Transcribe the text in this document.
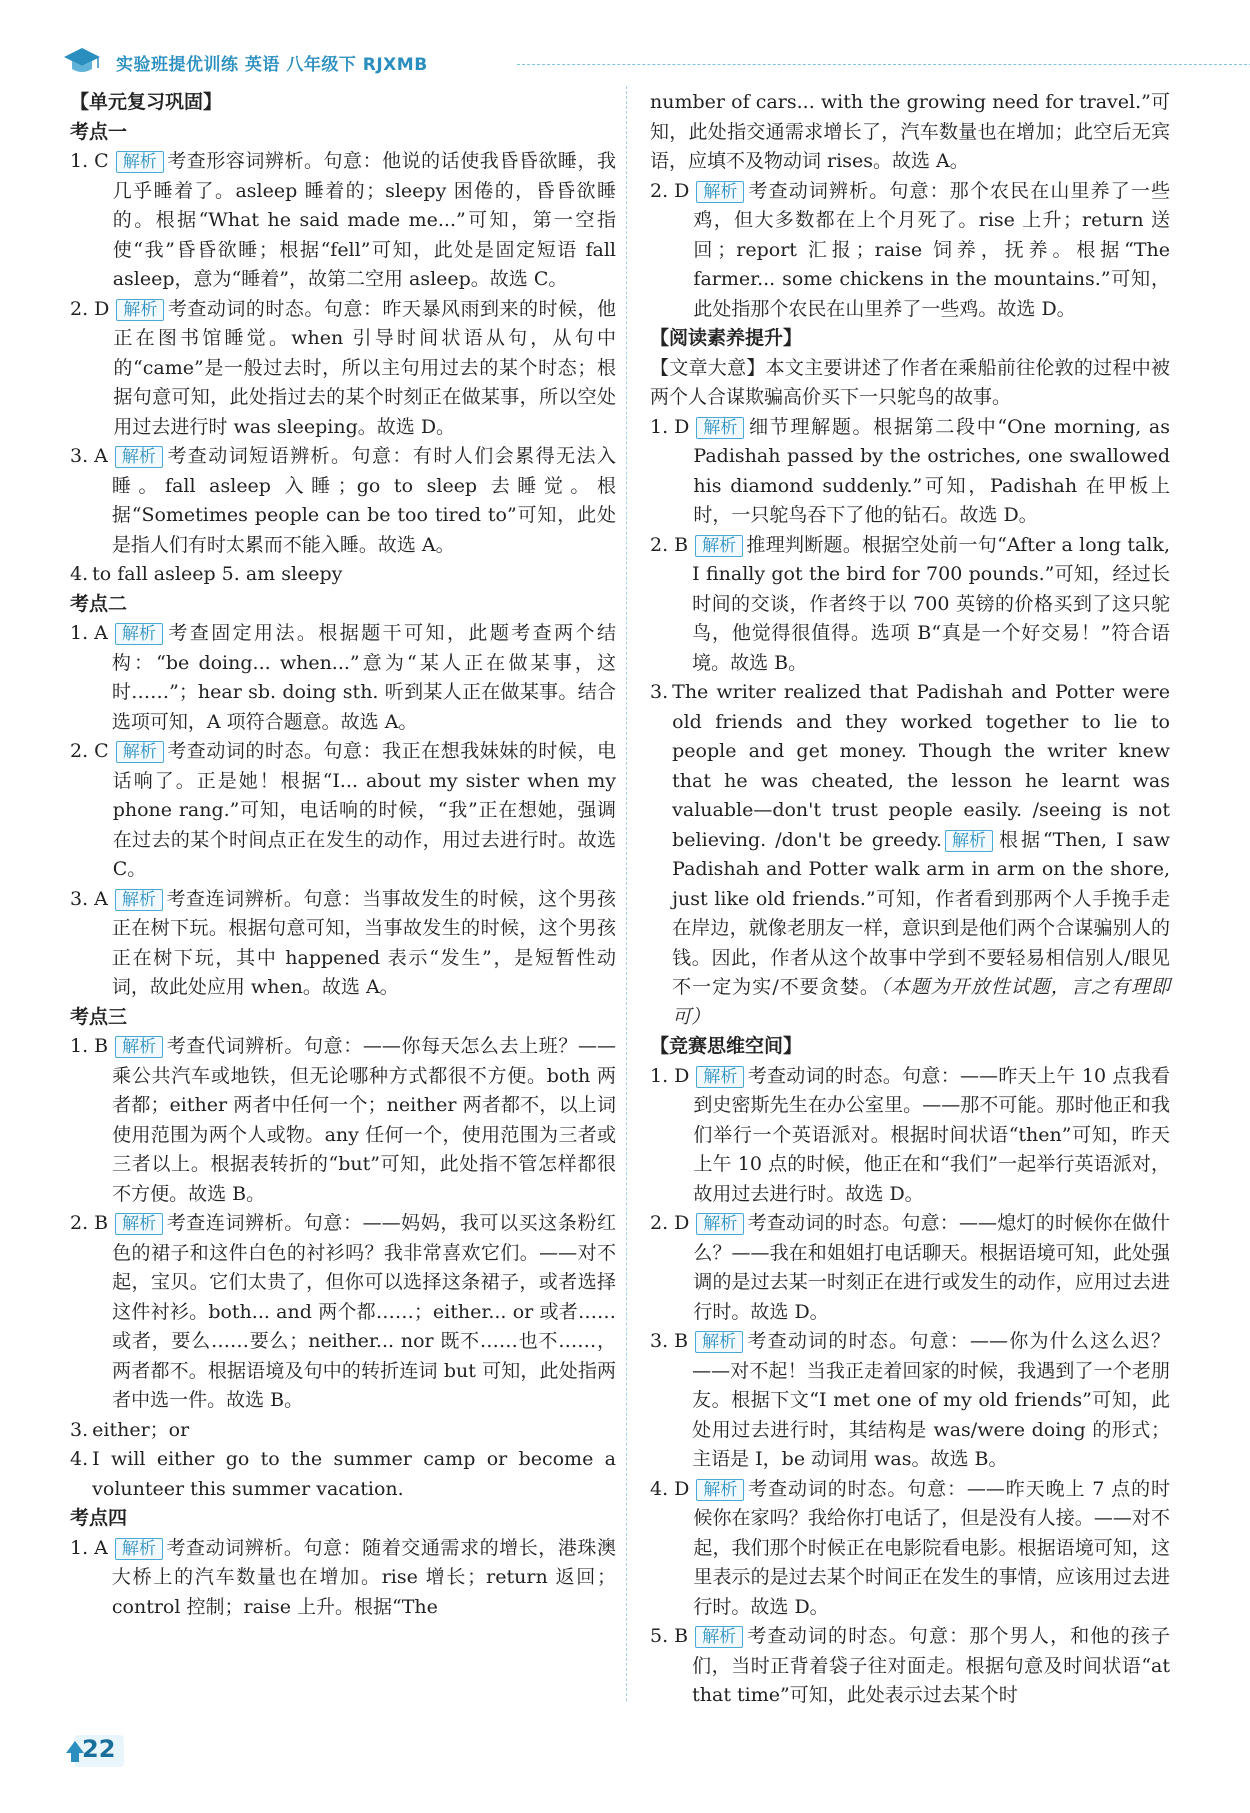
实验班提优训练 英语 八年级下 RJXMB
【单元复习巩固】
考点一
1. C 解析 考查形容词辨析。句意：他说的话使我昏昏欲睡，我几乎睡着了。asleep 睡着的；sleepy 困倦的，昏昏欲睡的。根据“What he said made me...”可知，第一空指使“我”昏昏欲睡；根据“fell”可知，此处是固定短语 fall asleep，意为“睡着”，故第二空用 asleep。故选 C。
2. D 解析 考查动词的时态。句意：昨天暴风雨到来的时候，他正在图书馆睡觉。when 引导时间状语从句，从句中的“came”是一般过去时，所以主句用过去的某个时态；根据句意可知，此处指过去的某个时刻正在做某事，所以空处用过去进行时 was sleeping。故选 D。
3. A 解析 考查动词短语辨析。句意：有时人们会累得无法入睡。fall asleep 入睡；go to sleep 去睡觉。根据“Sometimes people can be too tired to”可知，此处是指人们有时太累而不能入睡。故选 A。
4. to fall asleep 5. am sleepy
考点二
1. A 解析 考查固定用法。根据题干可知，此题考查两个结构：“be doing... when...”意为“某人正在做某事，这时……”；hear sb. doing sth. 听到某人正在做某事。结合选项可知，A 项符合题意。故选 A。
2. C 解析 考查动词的时态。句意：我正在想我妹妹的时候，电话响了。正是她！根据“I... about my sister when my phone rang.”可知，电话响的时候，“我”正在想她，强调在过去的某个时间点正在发生的动作，用过去进行时。故选 C。
3. A 解析 考查连词辨析。句意：当事故发生的时候，这个男孩正在树下玩。根据句意可知，当事故发生的时候，这个男孩正在树下玩，其中 happened 表示“发生”，是短暂性动词，故此处应用 when。故选 A。
考点三
1. B 解析 考查代词辨析。句意：——你每天怎么去上班？——乘公共汽车或地铁，但无论哪种方式都很不方便。both 两者都；either 两者中任何一个；neither 两者都不，以上词使用范围为两个人或物。any 任何一个，使用范围为三者或三者以上。根据表转折的“but”可知，此处指不管怎样都很不方便。故选 B。
2. B 解析 考查连词辨析。句意：——妈妈，我可以买这条粉红色的裙子和这件白色的衬衫吗？我非常喜欢它们。——对不起，宝贝。它们太贵了，但你可以选择这条裙子，或者选择这件衬衫。both... and 两个都……；either... or 或者……或者，要么……要么；neither... nor 既不……也不……，两者都不。根据语境及句中的转折连词 but 可知，此处指两者中选一件。故选 B。
3. either；or
4. I will either go to the summer camp or become a volunteer this summer vacation.
考点四
1. A 解析 考查动词辨析。句意：随着交通需求的增长，港珠澳大桥上的汽车数量也在增加。rise 增长；return 返回；control 控制；raise 上升。根据“The
number of cars... with the growing need for travel.”可知，此处指交通需求增长了，汽车数量也在增加；此空后无宾语，应填不及物动词 rises。故选 A。
2. D 解析 考查动词辨析。句意：那个农民在山里养了一些鸡，但大多数都在上个月死了。rise 上升；return 送回；report 汇报；raise 饲养，抚养。根据“The farmer... some chickens in the mountains.”可知，此处指那个农民在山里养了一些鸡。故选 D。
【阅读素养提升】
【文章大意】本文主要讲述了作者在乘船前往伦敦的过程中被两个人合谋欺骗高价买下一只鸵鸟的故事。
1. D 解析 细节理解题。根据第二段中“One morning, as Padishah passed by the ostriches, one swallowed his diamond suddenly.”可知，Padishah 在甲板上时，一只鸵鸟吞下了他的钻石。故选 D。
2. B 解析 推理判断题。根据空处前一句“After a long talk, I finally got the bird for 700 pounds.”可知，经过长时间的交谈，作者终于以 700 英镑的价格买到了这只鸵鸟，他觉得很值得。选项 B“真是一个好交易！”符合语境。故选 B。
3. The writer realized that Padishah and Potter were old friends and they worked together to lie to people and get money. Though the writer knew that he was cheated, the lesson he learnt was valuable—don't trust people easily. /seeing is not believing. /don't be greedy. 解析 根据“Then, I saw Padishah and Potter walk arm in arm on the shore, just like old friends.”可知，作者看到那两个人手挽手走在岸边，就像老朋友一样，意识到是他们两个合谋骗别人的钱。因此，作者从这个故事中学到不要轻易相信别人/眼见不一定为实/不要贪婪。（本题为开放性试题，言之有理即可）
【竞赛思维空间】
1. D 解析 考查动词的时态。句意：——昨天上午 10 点我看到史密斯先生在办公室里。——那不可能。那时他正和我们举行一个英语派对。根据时间状语“then”可知，昨天上午 10 点的时候，他正在和“我们”一起举行英语派对，故用过去进行时。故选 D。
2. D 解析 考查动词的时态。句意：——熄灯的时候你在做什么？——我在和姐姐打电话聊天。根据语境可知，此处强调的是过去某一时刻正在进行或发生的动作，应用过去进行时。故选 D。
3. B 解析 考查动词的时态。句意：——你为什么这么迟？——对不起！当我正走着回家的时候，我遇到了一个老朋友。根据下文“I met one of my old friends”可知，此处用过去进行时，其结构是 was/were doing 的形式；主语是 I，be 动词用 was。故选 B。
4. D 解析 考查动词的时态。句意：——昨天晚上 7 点的时候你在家吗？我给你打电话了，但是没有人接。——对不起，我们那个时候正在电影院看电影。根据语境可知，这里表示的是过去某个时间正在发生的事情，应该用过去进行时。故选 D。
5. B 解析 考查动词的时态。句意：那个男人，和他的孩子们，当时正背着袋子往对面走。根据句意及时间状语“at that time”可知，此处表示过去某个时
22
